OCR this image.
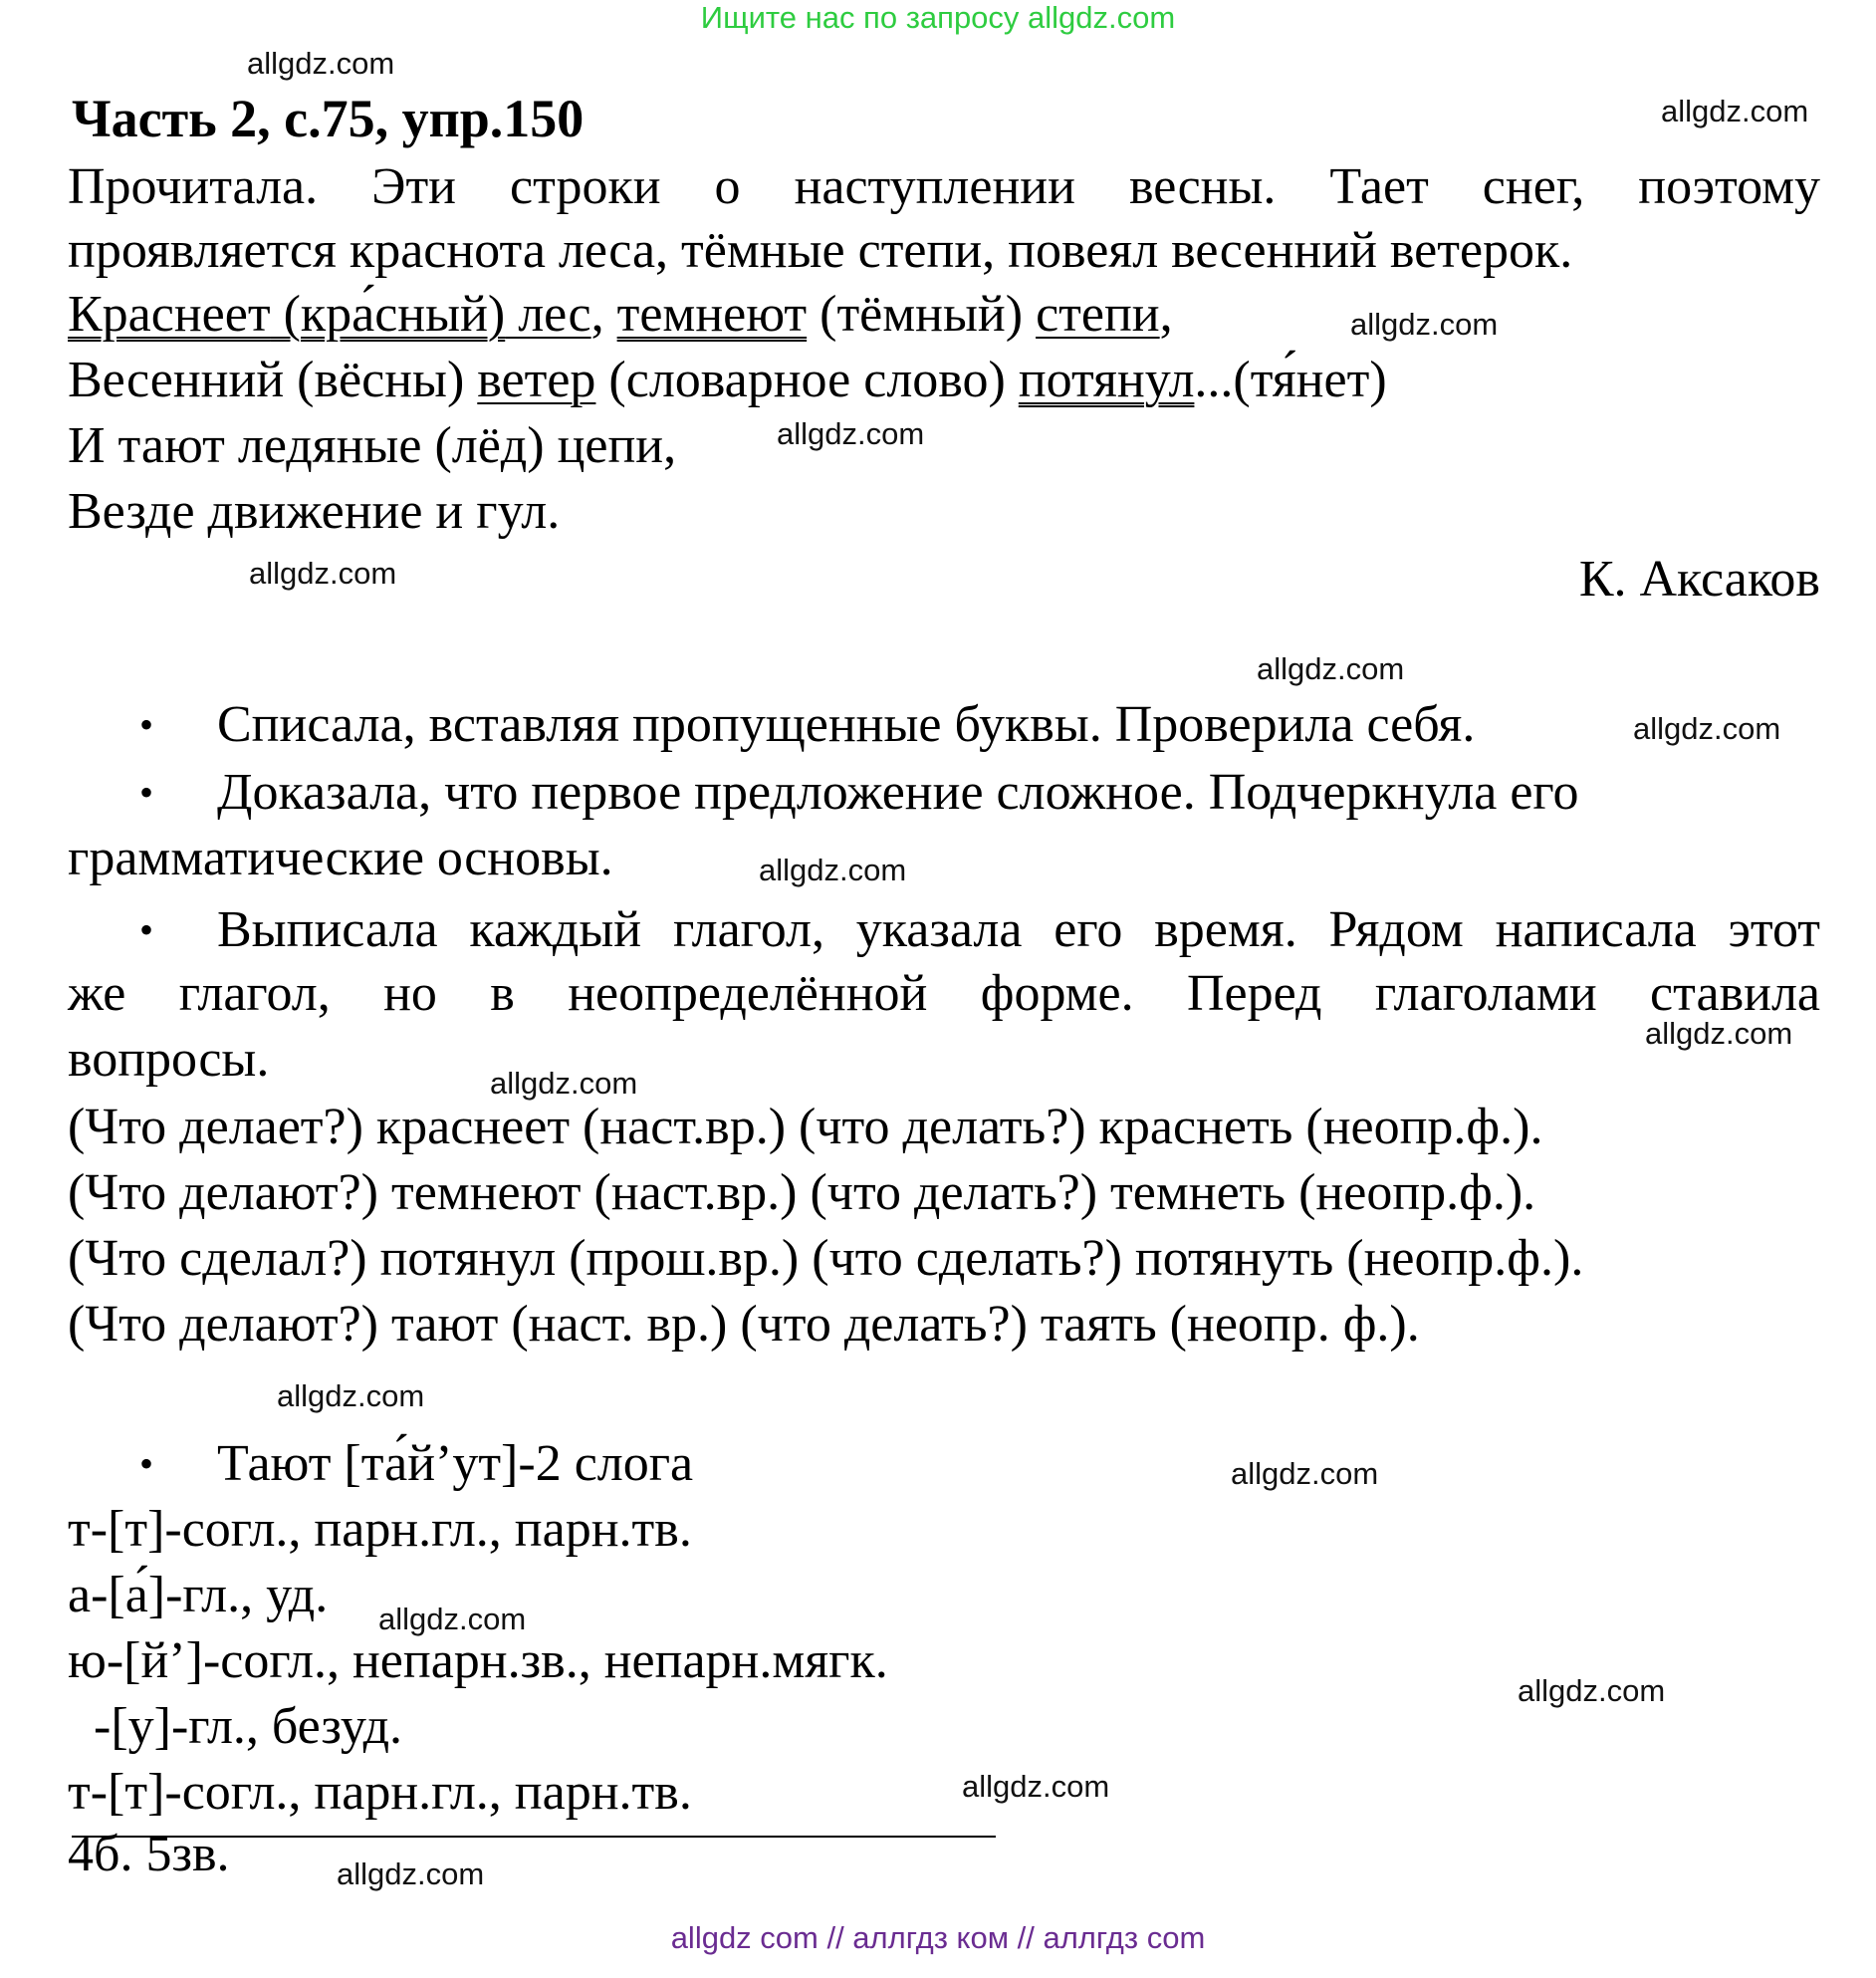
Ищите нас по запросу allgdz.com
allgdz.com
allgdz.com
Часть 2, с.75, упр.150
Прочитала. Эти строки о наступлении весны. Тает снег, поэтому
проявляется краснота леса, тёмные степи, повеял весенний ветерок.
Краснеет (кра́сный) лес, темнеют (тёмный) степи,	allgdz.com
Весенний (вёсны) ветер (словарное слово) потянул...(тя́нет)
И тают ледяные (лёд) цепи,	allgdz.com
Везде движение и гул.
allgdz.com	К. Аксаков
allgdz.com
• Списала, вставляя пропущенные буквы. Проверила себя.	allgdz.com
• Доказала, что первое предложение сложное. Подчеркнула его
грамматические основы.	allgdz.com
• Выписала каждый глагол, указала его время. Рядом написала этот
же глагол, но в неопределённой форме. Перед глаголами ставила
allgdz.com
вопросы.	allgdz.com
(Что делает?) краснеет (наст.вр.) (что делать?) краснеть (неопр.ф.).
(Что делают?) темнеют (наст.вр.) (что делать?) темнеть (неопр.ф.).
(Что сделал?) потянул (прош.вр.) (что сделать?) потянуть (неопр.ф.).
(Что делают?) тают (наст. вр.) (что делать?) таять (неопр. ф.).
allgdz.com
• Тают [та́й’ут]-2 слога	allgdz.com
т-[т]-согл., парн.гл., парн.тв.
а-[а́]-гл., уд. allgdz.com
ю-[й’]-согл., непарн.зв., непарн.мягк.
allgdz.com
-[у]-гл., безуд.
т-[т]-согл., парн.гл., парн.тв.	allgdz.com
4б. 5зв.	allgdz.com
allgdz com // аллгдз ком // аллгдз com
